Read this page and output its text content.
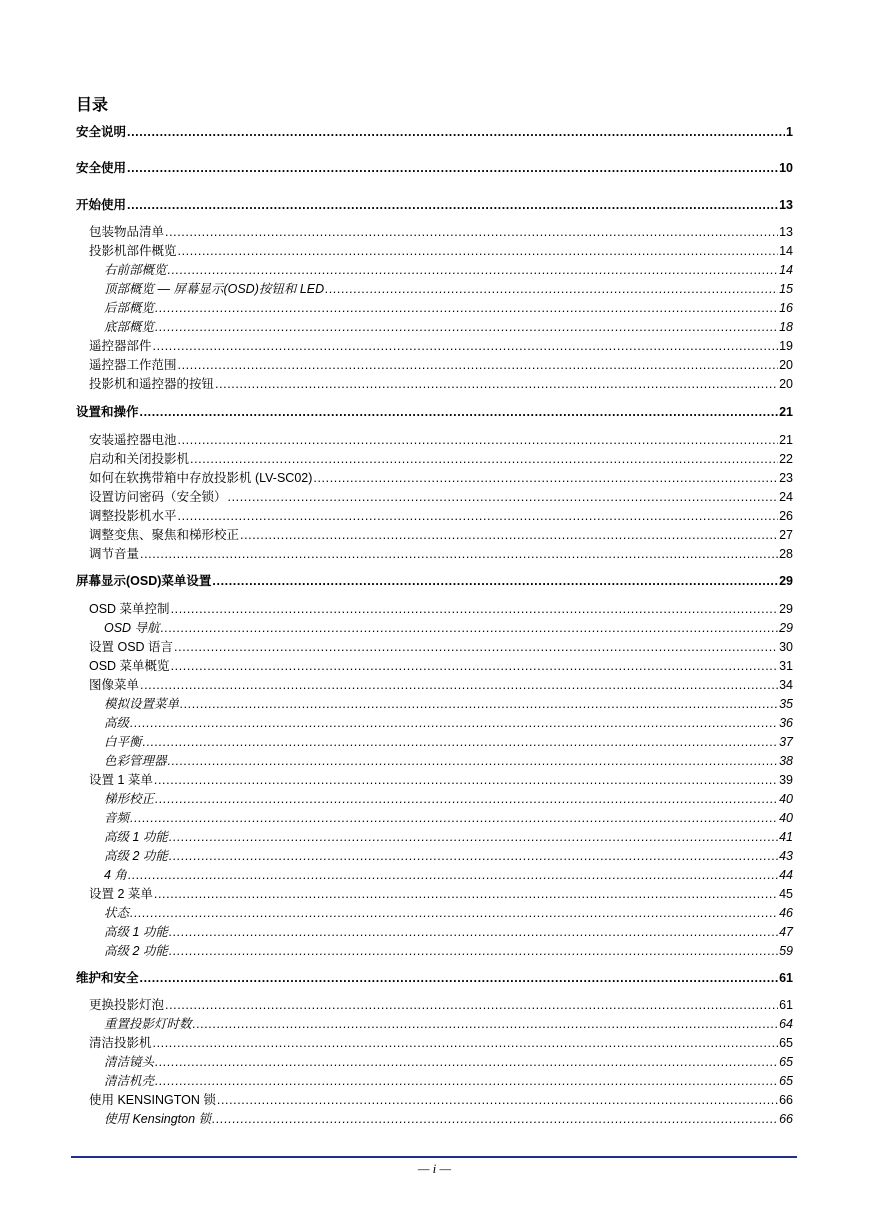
目录
安全说明 .....	1
安全使用 .....	10
开始使用 .....	13
包装物品清单 .....	13
投影机部件概览 .....	14
右前部概览 .....	14
顶部概览 — 屏幕显示(OSD)按钮和 LED .....	15
后部概览 .....	16
底部概览 .....	18
遥控器部件 .....	19
遥控器工作范围 .....	20
投影机和遥控器的按钮 .....	20
设置和操作 .....	21
安装遥控器电池 .....	21
启动和关闭投影机 .....	22
如何在软携带箱中存放投影机 (LV-SC02) .....	23
设置访问密码（安全锁） .....	24
调整投影机水平 .....	26
调整变焦、聚焦和梯形校正 .....	27
调节音量 .....	28
屏幕显示(OSD)菜单设置 .....	29
OSD 菜单控制 .....	29
OSD 导航 .....	29
设置 OSD 语言 .....	30
OSD 菜单概览 .....	31
图像菜单 .....	34
模拟设置菜单 .....	35
高级 .....	36
白平衡 .....	37
色彩管理器 .....	38
设置 1 菜单 .....	39
梯形校正 .....	40
音频 .....	40
高级 1 功能 .....	41
高级 2 功能 .....	43
4 角 .....	44
设置 2 菜单 .....	45
状态 .....	46
高级 1 功能 .....	47
高级 2 功能 .....	59
维护和安全 .....	61
更换投影灯泡 .....	61
重置投影灯时数 .....	64
清洁投影机 .....	65
清洁镜头 .....	65
清洁机壳 .....	65
使用 KENSINGTON 锁 .....	66
使用 Kensington 锁 .....	66
— i —
